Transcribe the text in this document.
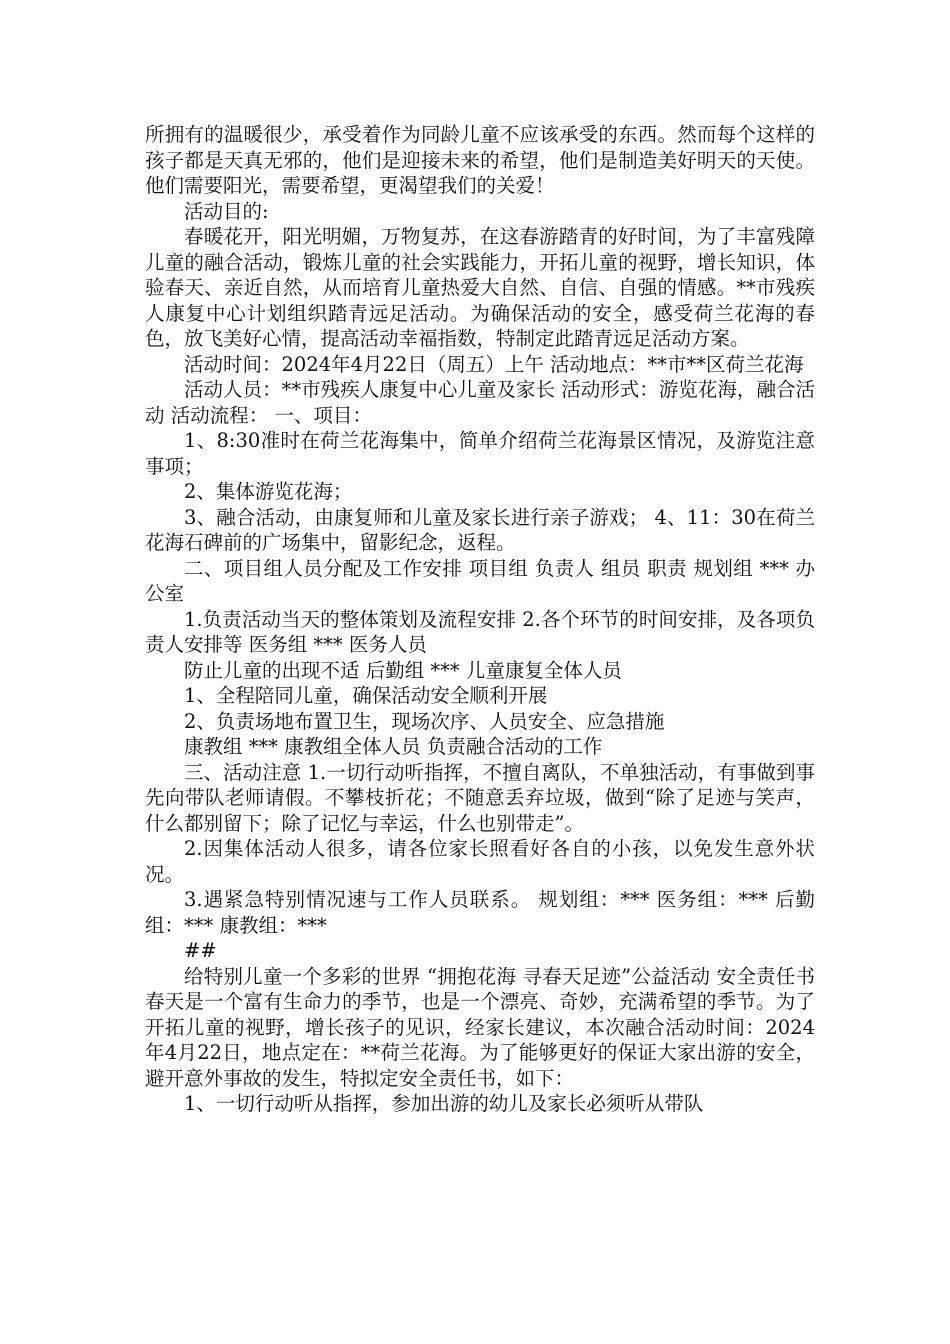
所拥有的温暖很少，承受着作为同龄儿童不应该承受的东西。然而每个这样的孩子都是天真无邪的，他们是迎接未来的希望，他们是制造美好明天的天使。他们需要阳光，需要希望，更渴望我们的关爱！

活动目的:

春暖花开，阳光明媚，万物复苏，在这春游踏青的好时间，为了丰富残障儿童的融合活动，锻炼儿童的社会实践能力，开拓儿童的视野，增长知识，体验春天、亲近自然，从而培育儿童热爱大自然、自信、自强的情感。**市残疾人康复中心计划组织踏青远足活动。为确保活动的安全，感受荷兰花海的春色，放飞美好心情，提高活动幸福指数，特制定此踏青远足活动方案。

活动时间：2024年4月22日（周五）上午 活动地点：**市**区荷兰花海

活动人员：**市残疾人康复中心儿童及家长 活动形式：游览花海，融合活动 活动流程： 一、项目：

1、8:30准时在荷兰花海集中，简单介绍荷兰花海景区情况，及游览注意事项；

2、集体游览花海；

3、融合活动，由康复师和儿童及家长进行亲子游戏； 4、11：30在荷兰花海石碑前的广场集中，留影纪念，返程。

二、项目组人员分配及工作安排 项目组 负责人 组员 职责 规划组 *** 办公室

1.负责活动当天的整体策划及流程安排 2.各个环节的时间安排，及各项负责人安排等 医务组 *** 医务人员

防止儿童的出现不适 后勤组 *** 儿童康复全体人员

1、全程陪同儿童，确保活动安全顺利开展

2、负责场地布置卫生，现场次序、人员安全、应急措施

康教组 *** 康教组全体人员 负责融合活动的工作

三、活动注意 1.一切行动听指挥，不擅自离队，不单独活动，有事做到事先向带队老师请假。不攀枝折花；不随意丢弃垃圾，做到“除了足迹与笑声，什么都别留下；除了记忆与幸运，什么也别带走”。

2.因集体活动人很多，请各位家长照看好各自的小孩，以免发生意外状况。

3.遇紧急特别情况速与工作人员联系。 规划组：*** 医务组：*** 后勤组：*** 康教组：***

##

给特别儿童一个多彩的世界 “拥抱花海 寻春天足迹”公益活动 安全责任书 春天是一个富有生命力的季节，也是一个漂亮、奇妙，充满希望的季节。为了开拓儿童的视野，增长孩子的见识，经家长建议，本次融合活动时间：2024年4月22日，地点定在：**荷兰花海。为了能够更好的保证大家出游的安全，避开意外事故的发生，特拟定安全责任书，如下：

1、一切行动听从指挥，参加出游的幼儿及家长必须听从带队
